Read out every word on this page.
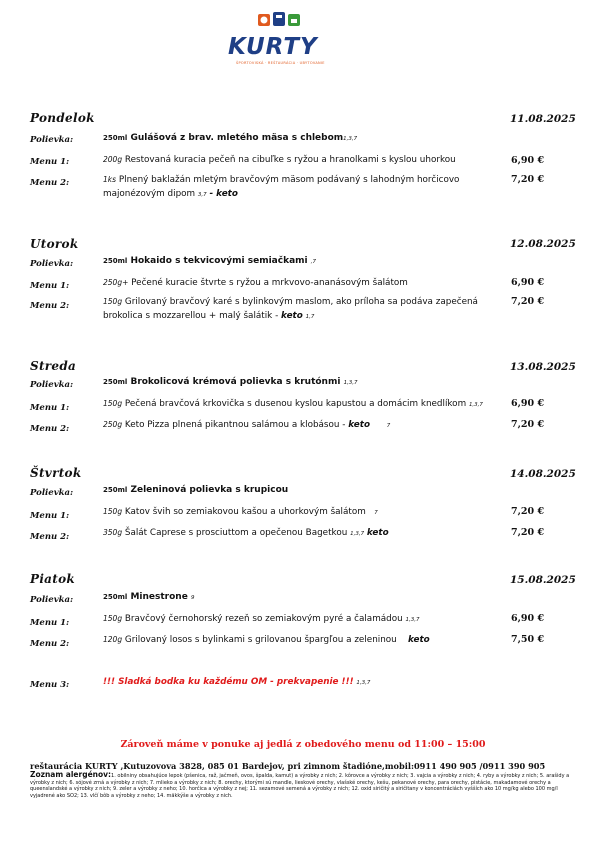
KURTY
ŠPORTOVISKÁ · REŠTAURÁCIA · UBYTOVANIE
Pondelok	11.08.2025
Polievka:	250ml Gulášová z brav. mletého mäsa s chlebom1,3,7
Menu 1:	200g Restovaná kuracia pečeň na cibuľke s ryžou a hranolkami s kyslou uhorkou	6,90 €
Menu 2:	1ks Plnený baklažán mletým bravčovým mäsom podávaný s lahodným horčicovo
majonézovým dipom 3,7 - keto
7,20 €
Utorok	12.08.2025
Polievka:	250ml Hokaido s tekvicovými semiačkami ,7
Menu 1:	250g+ Pečené kuracie štvrte s ryžou a mrkvovo-ananásovým šalátom	6,90 €
Menu 2:	150g Grilovaný bravčový karé s bylinkovým maslom, ako príloha sa podáva zapečená
brokolica s mozzarellou + malý šalátik - keto 1,7
7,20 €
Streda	13.08.2025
Polievka:	250ml Brokolicová krémová polievka s krutónmi 1,3,7
Menu 1:	150g Pečená bravčová krkovička s dusenou kyslou kapustou a domácim knedlíkom 1,3,7	6,90 €
Menu 2:	250g Keto Pizza plnená pikantnou salámou a klobásou - keto	7	7,20 €
Štvrtok	14.08.2025
Polievka:	250ml Zeleninová polievka s krupicou
Menu 1:	150g Katov švih so zemiakovou kašou a uhorkovým šalátom 7	7,20 €
Menu 2:	350g Šalát Caprese s prosciuttom a opečenou Bagetkou 1,3,7 keto	7,20 €
Piatok	15.08.2025
Polievka:	250ml Minestrone 9
Menu 1:	150g Bravčový černohorský rezeň so zemiakovým pyré a čalamádou 1,3,7	6,90 €
Menu 2:	120g Grilovaný losos s bylinkami s grilovanou špargľou a zeleninou keto	7,50 €
Menu 3:	!!! Sladká bodka ku každému OM - prekvapenie !!! 1,3,7
Zároveň máme v ponuke aj jedlá z obedového menu od 11:00 – 15:00
reštaurácia KURTY ,Kutuzovova 3828, 085 01 Bardejov, pri zimnom štadióne,mobil:0911 490 905 /0911 390 905
Zoznam alergénov:1. obilniny obsahujúce lepok (pšenica, raž, jačmeň, ovos, špalda, kamut) a výrobky z nich; 2. kôrovce a výrobky z nich; 3. vajcia a výrobky z nich; 4. ryby a výrobky z nich; 5. arašidy a výrobky z nich; 6. sójové zrná a výrobky z nich; 7. mlieko a výrobky z nich; 8. orechy, ktorými sú mandle, lieskové orechy, vlašské orechy, kešu, pekanové orechy, para orechy, pistácie, makadamové orechy a queenslandské a výrobky z nich; 9. zeler a výrobky z neho; 10. horčica a výrobky z nej; 11. sezamové semená a výrobky z nich; 12. oxid siričitý a siričitany v koncentráciách vyšších ako 10 mg/kg alebo 100 mg/l vyjadrené ako SO2; 13. vlčí bôb a výrobky z neho; 14. mäkkýše a výrobky z nich.
